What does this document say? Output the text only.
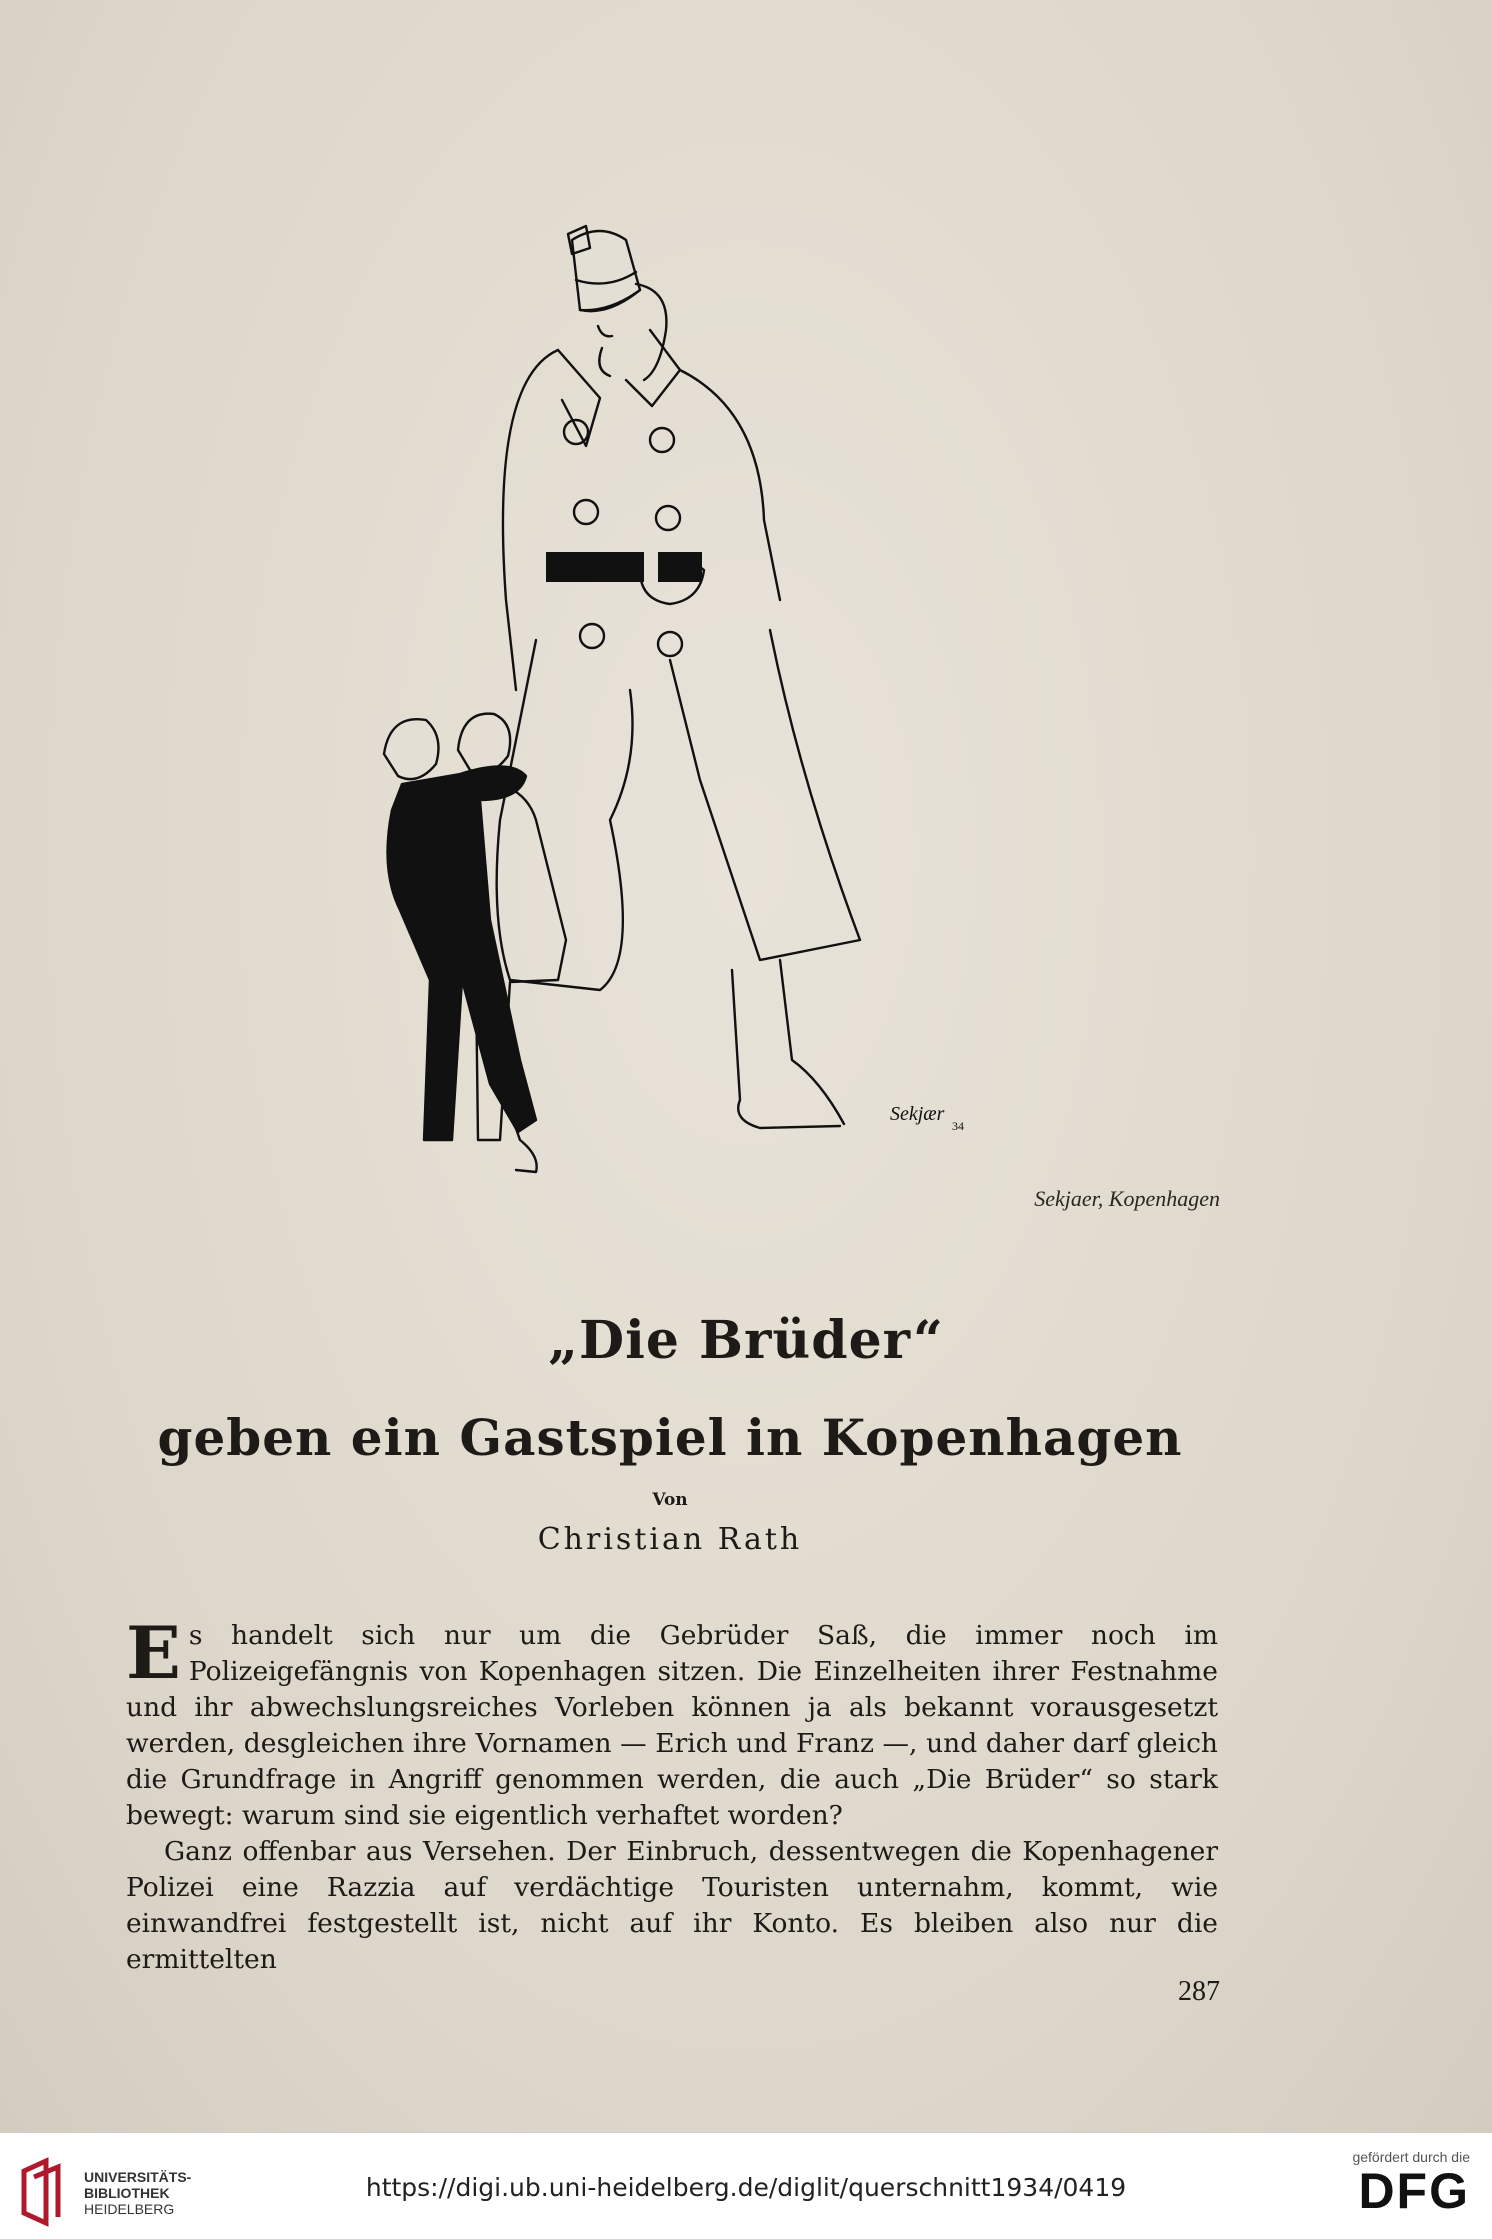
Sekjær
34
Sekjaer, Kopenhagen
„Die Brüder“
geben ein Gastspiel in Kopenhagen
Von
Christian Rath

Es handelt sich nur um die Gebrüder Saß, die immer noch im Polizeigefängnis von Kopenhagen sitzen. Die Einzelheiten ihrer Festnahme und ihr abwechslungsreiches Vorleben können ja als bekannt vorausgesetzt werden, desgleichen ihre Vornamen — Erich und Franz —, und daher darf gleich die Grundfrage in Angriff genommen werden, die auch „Die Brüder“ so stark bewegt: warum sind sie eigentlich verhaftet worden?

Ganz offenbar aus Versehen. Der Einbruch, dessentwegen die Kopenhagener Polizei eine Razzia auf verdächtige Touristen unternahm, kommt, wie einwandfrei festgestellt ist, nicht auf ihr Konto. Es bleiben also nur die ermittelten

287
UNIVERSITÄTS-
BIBLIOTHEK
HEIDELBERG
https://digi.ub.uni-heidelberg.de/diglit/querschnitt1934/0419
gefördert durch die
DFG
